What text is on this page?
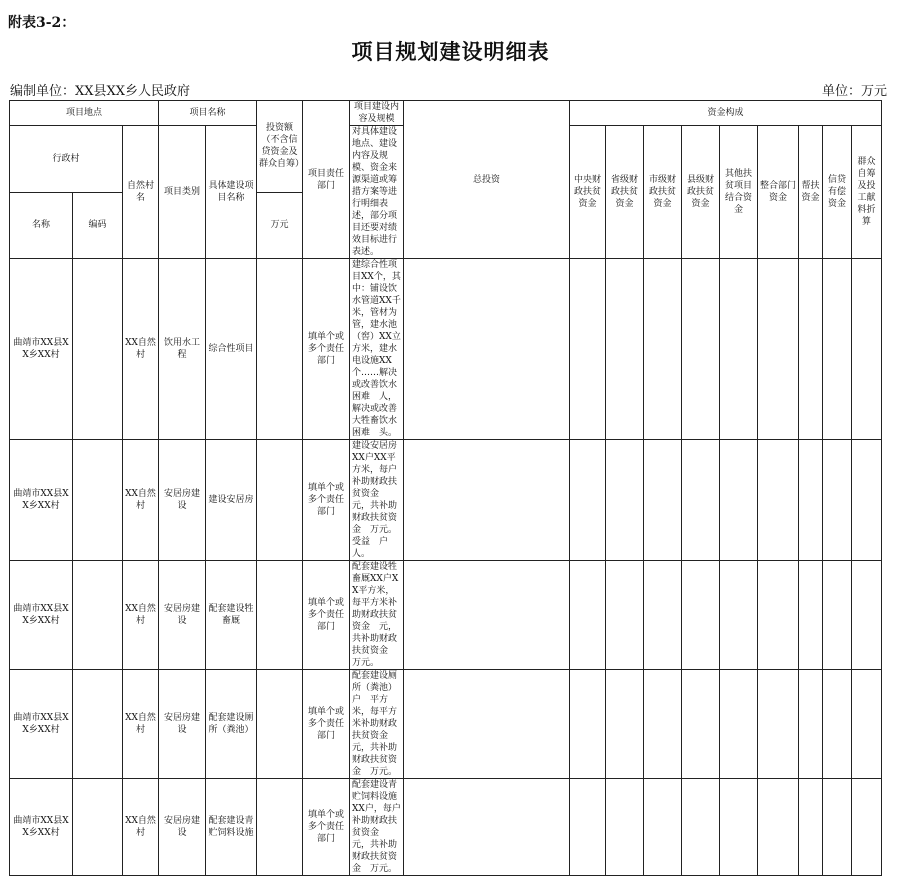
附表3-2：
项目规划建设明细表
编制单位：XX县XX乡人民政府	单位：万元
项目地点			项目名称		投资额（不含信贷资金及群众自筹）	项目责任部门	项目建设内容及规模	总投资	资金构成								
行政村		自然村名	项目类别	具体建设项目名称			对具体建设地点、建设内容及规模、资金来源渠道或筹措方案等进行明细表述，部分项目还要对绩效目标进行表述。		中央财政扶贫资金	省级财政扶贫资金	市级财政扶贫资金	县级财政扶贫资金	其他扶贫项目结合资金	整合部门资金	帮扶资金	信贷有偿资金	群众自筹及投工献料折算
名称	编码				万元												
曲靖市XX县XX乡XX村		XX自然村	饮用水工程	综合性项目		填单个或多个责任部门	建综合性项目XX个，其中：铺设饮水管道XX千米，管材为　管，建水池（窖）XX立方米，建水电设施XX个……解决或改善饮水困难　人，解决或改善大牲畜饮水困难　头。										
曲靖市XX县XX乡XX村		XX自然村	安居房建设	建设安居房		填单个或多个责任部门	建设安居房XX户XX平方米，每户补助财政扶贫资金　元，共补助财政扶贫资金　万元。受益　户　人。										
曲靖市XX县XX乡XX村		XX自然村	安居房建设	配套建设牲畜厩		填单个或多个责任部门	配套建设牲畜厩XX户XX平方米，每平方米补助财政扶贫资金　元，共补助财政扶贫资金　万元。										
曲靖市XX县XX乡XX村		XX自然村	安居房建设	配套建设厕所（粪池）		填单个或多个责任部门	配套建设厕所（粪池）　户　平方米，每平方米补助财政扶贫资金　元，共补助财政扶贫资金　万元。										
曲靖市XX县XX乡XX村		XX自然村	安居房建设	配套建设青贮饲料设施		填单个或多个责任部门	配套建设青贮饲料设施XX户，每户补助财政扶贫资金　元，共补助财政扶贫资金　万元。										
